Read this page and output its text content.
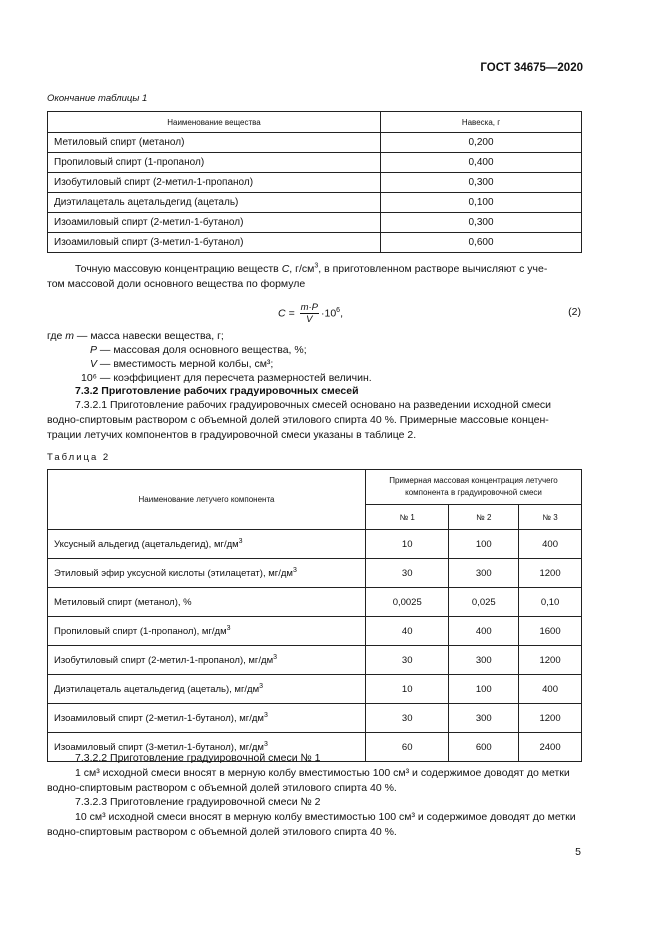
ГОСТ 34675—2020
Окончание таблицы 1
Наименование вещества	Навеска, г
Метиловый спирт (метанол)	0,200
Пропиловый спирт (1-пропанол)	0,400
Изобутиловый спирт (2-метил-1-пропанол)	0,300
Диэтилацеталь ацетальдегид (ацеталь)	0,100
Изоамиловый спирт (2-метил-1-бутанол)	0,300
Изоамиловый спирт (3-метил-1-бутанол)	0,600
Точную массовую концентрацию веществ C, $г/см^3$, в приготовленном растворе вычисляют с уче-
том массовой доли основного вещества по формуле
$C = \frac{m\cdot P}{V} \cdot 10^6$,	(2)
где m — масса навески вещества, г;
P — массовая доля основного вещества, %;
V — вместимость мерной колбы, см³;
10⁶ — коэффициент для пересчета размерностей величин.
7.3.2 Приготовление рабочих градуировочных смесей
7.3.2.1 Приготовление рабочих градуировочных смесей основано на разведении исходной смеси водно-спиртовым раствором с объемной долей этилового спирта 40 %. Примерные массовые концен- трации летучих компонентов в градуировочной смеси указаны в таблице 2.
Таблица 2
Наименование летучего компонента	Примерная массовая концентрация летучего компонента в градуировочной смеси		
	№ 1	№ 2	№ 3
Уксусный альдегид (ацетальдегид), $мг/дм^3$	10	100	400
Этиловый эфир уксусной кислоты (этилацетат), $мг/дм^3$	30	300	1200
Метиловый спирт (метанол), %	0,0025	0,025	0,10
Пропиловый спирт (1-пропанол), $мг/дм^3$	40	400	1600
Изобутиловый спирт (2-метил-1-пропанол), $мг/дм^3$	30	300	1200
Диэтилацеталь ацетальдегид (ацеталь), $мг/дм^3$	10	100	400
Изоамиловый спирт (2-метил-1-бутанол), $мг/дм^3$	30	300	1200
Изоамиловый спирт (3-метил-1-бутанол), $мг/дм^3$	60	600	2400
7.3.2.2 Приготовление градуировочной смеси № 1
1 см³ исходной смеси вносят в мерную колбу вместимостью 100 см³ и содержимое доводят до метки водно-спиртовым раствором с объемной долей этилового спирта 40 %.
7.3.2.3 Приготовление градуировочной смеси № 2
10 см³ исходной смеси вносят в мерную колбу вместимостью 100 см³ и содержимое доводят до метки водно-спиртовым раствором с объемной долей этилового спирта 40 %.
5
